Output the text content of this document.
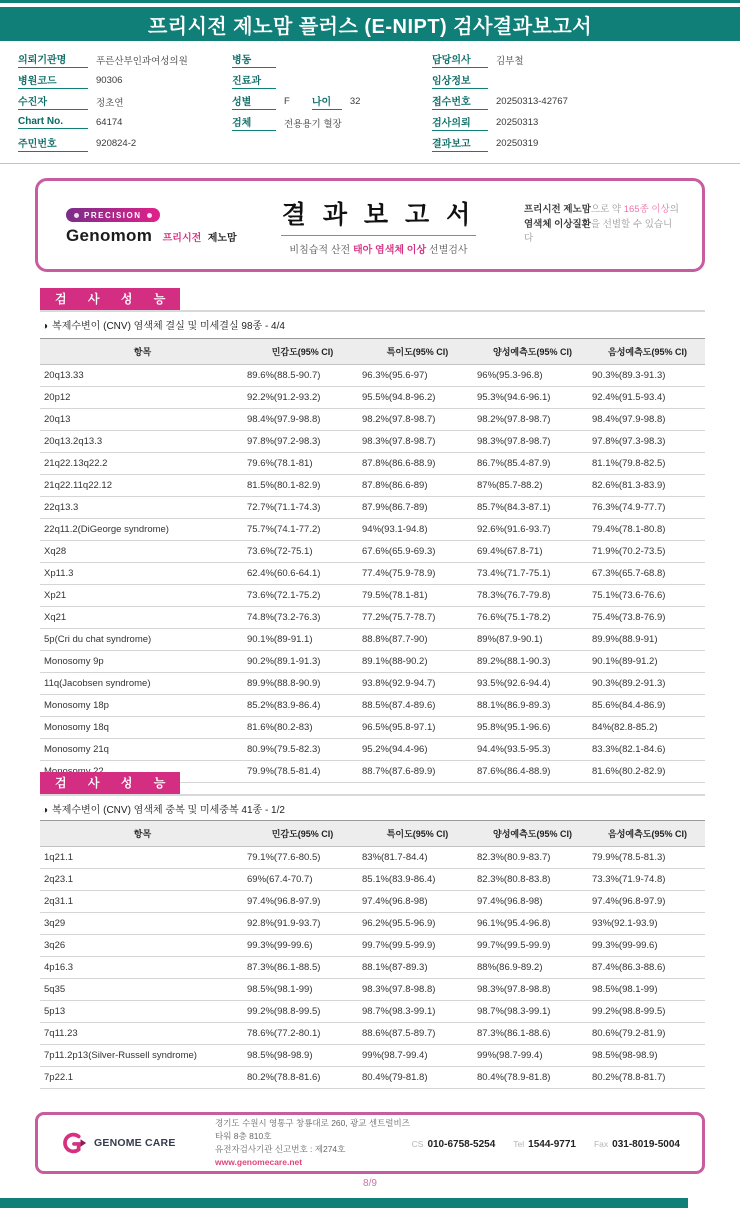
프리시전 제노맘 플러스 (E-NIPT) 검사결과보고서
의뢰기관명	푸른산부인과여성의원
병원코드	90306
수진자	정초연
Chart No.	64174
주민번호	920824-2
병동
진료과
성별	F 나이	32
검체	전용용기 혈장
담당의사	김부철
임상정보
접수번호	20250313-42767
검사의뢰	20250313
결과보고	20250319
PRECISION
Genomom 프리시전 제노맘
결 과 보 고 서
비침습적 산전 태아 염색체 이상 선별검사
프리시전 제노맘으로 약 165종 이상의
염색체 이상질환을 선별할 수 있습니다
검 사 성 능
◑ 복제수변이 (CNV) 염색체 결실 및 미세결실 98종 - 4/4
항목	민감도(95% CI)	특이도(95% CI)	양성예측도(95% CI)	음성예측도(95% CI)
20q13.33	89.6%(88.5-90.7)	96.3%(95.6-97)	96%(95.3-96.8)	90.3%(89.3-91.3)
20p12	92.2%(91.2-93.2)	95.5%(94.8-96.2)	95.3%(94.6-96.1)	92.4%(91.5-93.4)
20q13	98.4%(97.9-98.8)	98.2%(97.8-98.7)	98.2%(97.8-98.7)	98.4%(97.9-98.8)
20q13.2q13.3	97.8%(97.2-98.3)	98.3%(97.8-98.7)	98.3%(97.8-98.7)	97.8%(97.3-98.3)
21q22.13q22.2	79.6%(78.1-81)	87.8%(86.6-88.9)	86.7%(85.4-87.9)	81.1%(79.8-82.5)
21q22.11q22.12	81.5%(80.1-82.9)	87.8%(86.6-89)	87%(85.7-88.2)	82.6%(81.3-83.9)
22q13.3	72.7%(71.1-74.3)	87.9%(86.7-89)	85.7%(84.3-87.1)	76.3%(74.9-77.7)
22q11.2(DiGeorge syndrome)	75.7%(74.1-77.2)	94%(93.1-94.8)	92.6%(91.6-93.7)	79.4%(78.1-80.8)
Xq28	73.6%(72-75.1)	67.6%(65.9-69.3)	69.4%(67.8-71)	71.9%(70.2-73.5)
Xp11.3	62.4%(60.6-64.1)	77.4%(75.9-78.9)	73.4%(71.7-75.1)	67.3%(65.7-68.8)
Xp21	73.6%(72.1-75.2)	79.5%(78.1-81)	78.3%(76.7-79.8)	75.1%(73.6-76.6)
Xq21	74.8%(73.2-76.3)	77.2%(75.7-78.7)	76.6%(75.1-78.2)	75.4%(73.8-76.9)
5p(Cri du chat syndrome)	90.1%(89-91.1)	88.8%(87.7-90)	89%(87.9-90.1)	89.9%(88.9-91)
Monosomy 9p	90.2%(89.1-91.3)	89.1%(88-90.2)	89.2%(88.1-90.3)	90.1%(89-91.2)
11q(Jacobsen syndrome)	89.9%(88.8-90.9)	93.8%(92.9-94.7)	93.5%(92.6-94.4)	90.3%(89.2-91.3)
Monosomy 18p	85.2%(83.9-86.4)	88.5%(87.4-89.6)	88.1%(86.9-89.3)	85.6%(84.4-86.9)
Monosomy 18q	81.6%(80.2-83)	96.5%(95.8-97.1)	95.8%(95.1-96.6)	84%(82.8-85.2)
Monosomy 21q	80.9%(79.5-82.3)	95.2%(94.4-96)	94.4%(93.5-95.3)	83.3%(82.1-84.6)
	79.9%(78.5-81.4)	88.7%(87.6-89.9)	87.6%(86.4-88.9)	81.6%(80.2-82.9)
검 사 성 능
◑ 복제수변이 (CNV) 염색체 중복 및 미세중복 41종 - 1/2
항목	민감도(95% CI)	특이도(95% CI)	양성예측도(95% CI)	음성예측도(95% CI)
1q21.1	79.1%(77.6-80.5)	83%(81.7-84.4)	82.3%(80.9-83.7)	79.9%(78.5-81.3)
2q23.1	69%(67.4-70.7)	85.1%(83.9-86.4)	82.3%(80.8-83.8)	73.3%(71.9-74.8)
2q31.1	97.4%(96.8-97.9)	97.4%(96.8-98)	97.4%(96.8-98)	97.4%(96.8-97.9)
3q29	92.8%(91.9-93.7)	96.2%(95.5-96.9)	96.1%(95.4-96.8)	93%(92.1-93.9)
3q26	99.3%(99-99.6)	99.7%(99.5-99.9)	99.7%(99.5-99.9)	99.3%(99-99.6)
4p16.3	87.3%(86.1-88.5)	88.1%(87-89.3)	88%(86.9-89.2)	87.4%(86.3-88.6)
5q35	98.5%(98.1-99)	98.3%(97.8-98.8)	98.3%(97.8-98.8)	98.5%(98.1-99)
5p13	99.2%(98.8-99.5)	98.7%(98.3-99.1)	98.7%(98.3-99.1)	99.2%(98.8-99.5)
7q11.23	78.6%(77.2-80.1)	88.6%(87.5-89.7)	87.3%(86.1-88.6)	80.6%(79.2-81.9)
7p11.2p13(Silver-Russell syndrome)	98.5%(98-98.9)	99%(98.7-99.4)	99%(98.7-99.4)	98.5%(98-98.9)
7p22.1	80.2%(78.8-81.6)	80.4%(79-81.8)	80.4%(78.9-81.8)	80.2%(78.8-81.7)
GENOME CARE
경기도 수원시 영통구 창룡대로 260, 광교 센트럴비즈타워 8층 810호
유전자검사기관 신고번호 : 제274호
www.genomecare.net
CS 010-6758-5254 Tel 1544-9771 Fax 031-8019-5004
8/9
